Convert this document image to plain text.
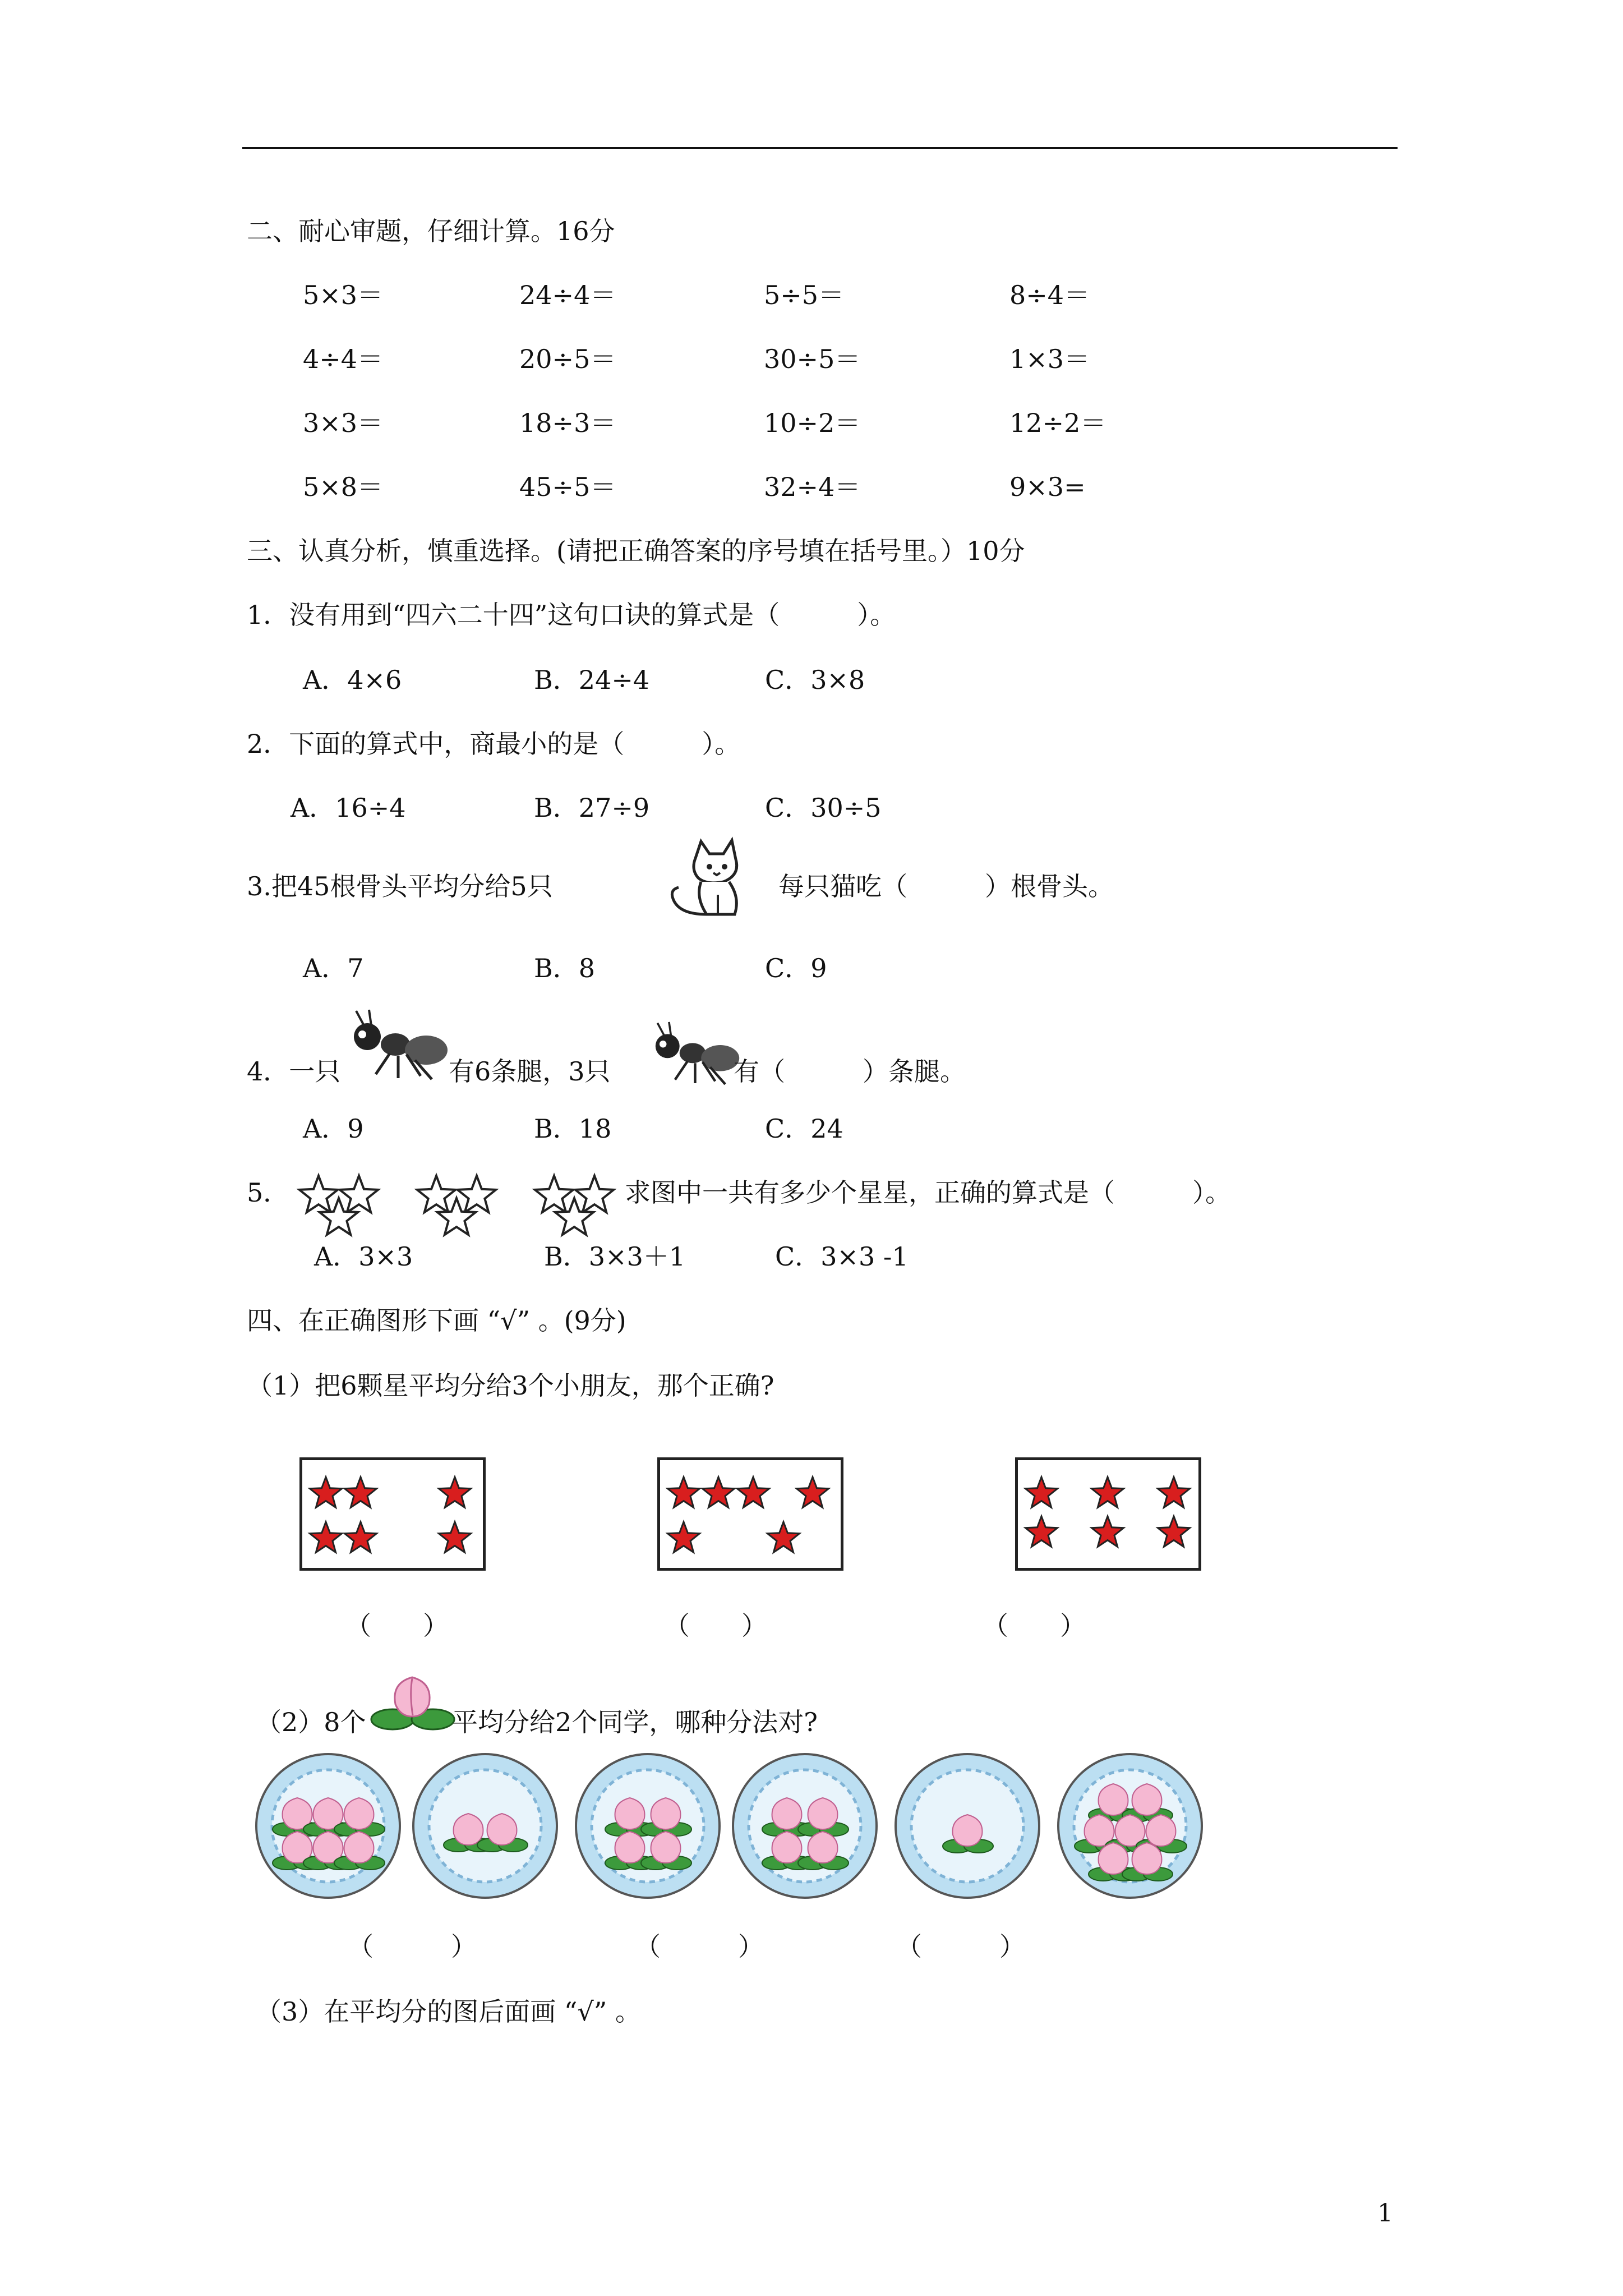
二、耐心审题，仔细计算。16分
5×3＝	24÷4＝	5÷5＝	8÷4＝
4÷4＝	20÷5＝	30÷5＝	1×3＝
3×3＝	18÷3＝	10÷2＝	12÷2＝
5×8＝	45÷5＝	32÷4＝	9×3=
三、认真分析，慎重选择。(请把正确答案的序号填在括号里。）10分
1．没有用到“四六二十四”这句口诀的算式是（　　　）。
A．4×6	B．24÷4	C．3×8
2．下面的算式中，商最小的是（　　　）。
A．16÷4	B．27÷9	C．30÷5
3.把45根骨头平均分给5只	每只猫吃（　　　）根骨头。
A．7	B．8	C．9
4．一只	有6条腿，3只	有（　　　）条腿。
A．9	B．18	C．24
5．	求图中一共有多少个星星，正确的算式是（　　　）。
A．3×3	B．3×3＋1	C．3×3 -1
四、在正确图形下画 “√” 。(9分)
（1）把6颗星平均分给3个小朋友，那个正确?
（　　）	（　　）	（　　）
（2）8个	平均分给2个同学，哪种分法对?
（　　　）	（　　　）	（　　　）
（3）在平均分的图后面画 “√” 。
1
